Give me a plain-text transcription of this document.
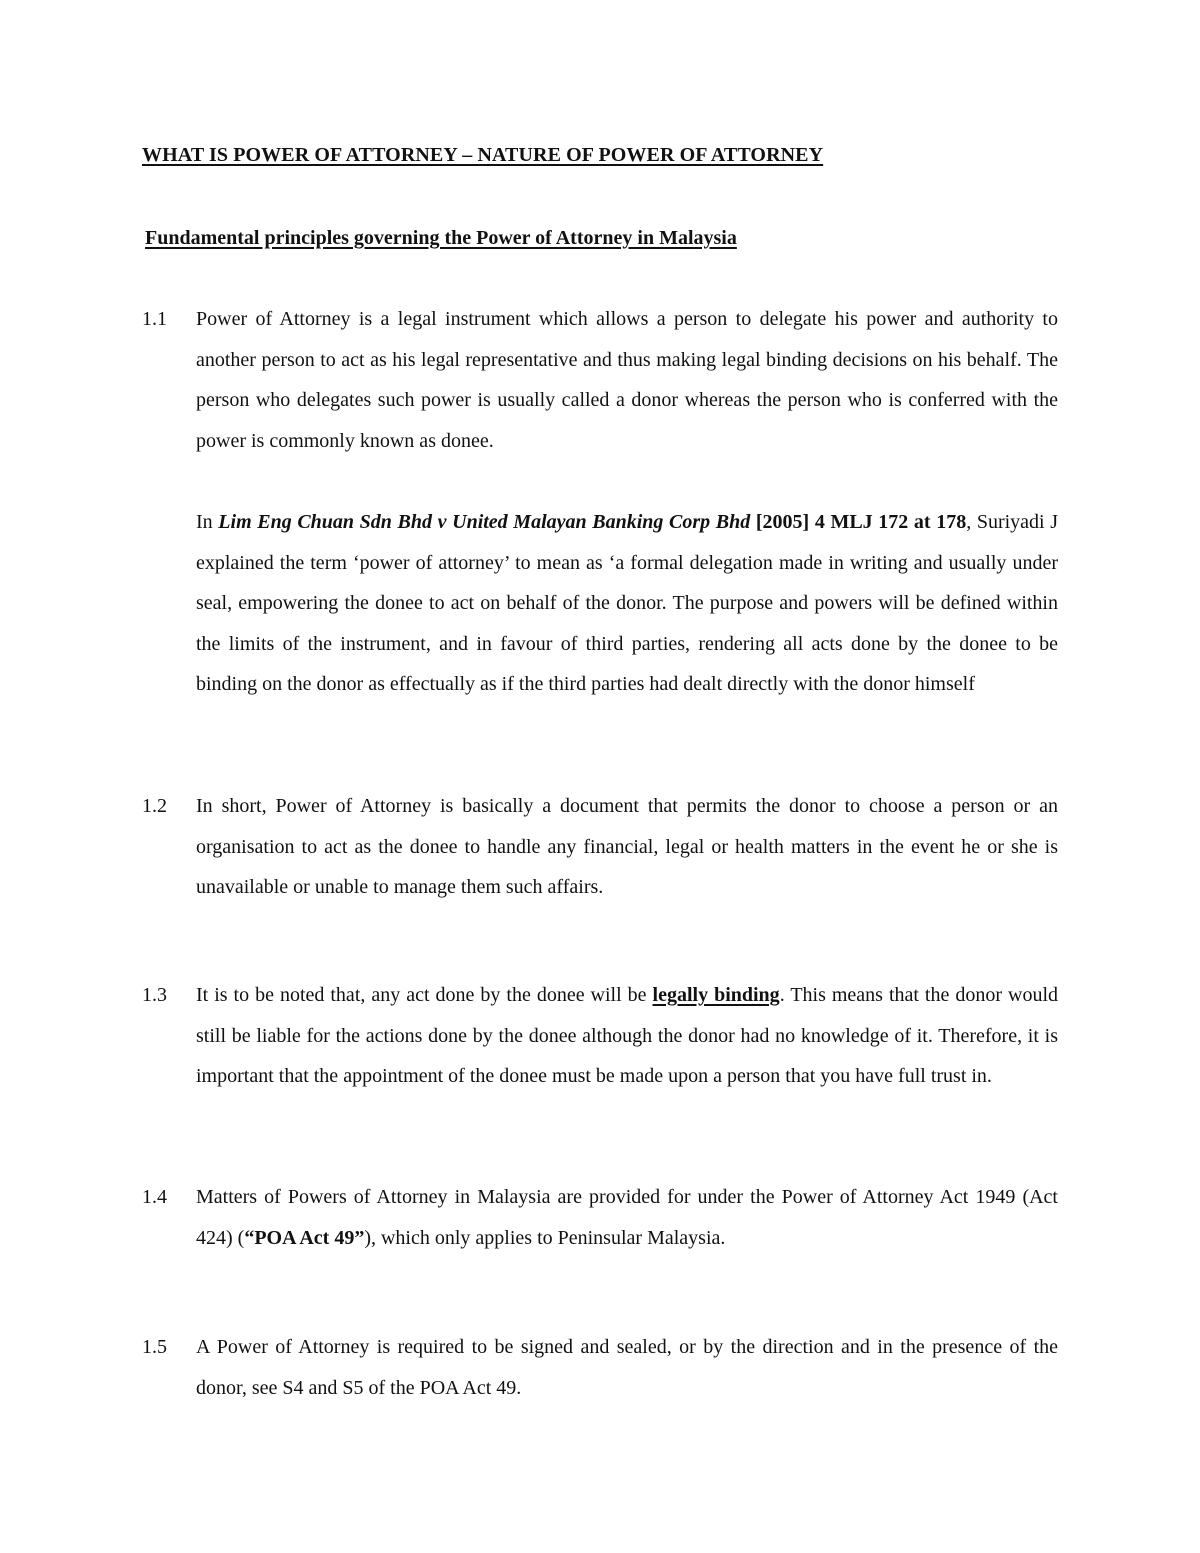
WHAT IS POWER OF ATTORNEY – NATURE OF POWER OF ATTORNEY
Fundamental principles governing the Power of Attorney in Malaysia
1.1 Power of Attorney is a legal instrument which allows a person to delegate his power and authority to another person to act as his legal representative and thus making legal binding decisions on his behalf. The person who delegates such power is usually called a donor whereas the person who is conferred with the power is commonly known as donee.

In Lim Eng Chuan Sdn Bhd v United Malayan Banking Corp Bhd [2005] 4 MLJ 172 at 178, Suriyadi J explained the term ‘power of attorney’ to mean as ‘a formal delegation made in writing and usually under seal, empowering the donee to act on behalf of the donor. The purpose and powers will be defined within the limits of the instrument, and in favour of third parties, rendering all acts done by the donee to be binding on the donor as effectually as if the third parties had dealt directly with the donor himself

1.2 In short, Power of Attorney is basically a document that permits the donor to choose a person or an organisation to act as the donee to handle any financial, legal or health matters in the event he or she is unavailable or unable to manage them such affairs.

1.3 It is to be noted that, any act done by the donee will be legally binding. This means that the donor would still be liable for the actions done by the donee although the donor had no knowledge of it. Therefore, it is important that the appointment of the donee must be made upon a person that you have full trust in.

1.4 Matters of Powers of Attorney in Malaysia are provided for under the Power of Attorney Act 1949 (Act 424) (“POA Act 49”), which only applies to Peninsular Malaysia.

1.5 A Power of Attorney is required to be signed and sealed, or by the direction and in the presence of the donor, see S4 and S5 of the POA Act 49.
